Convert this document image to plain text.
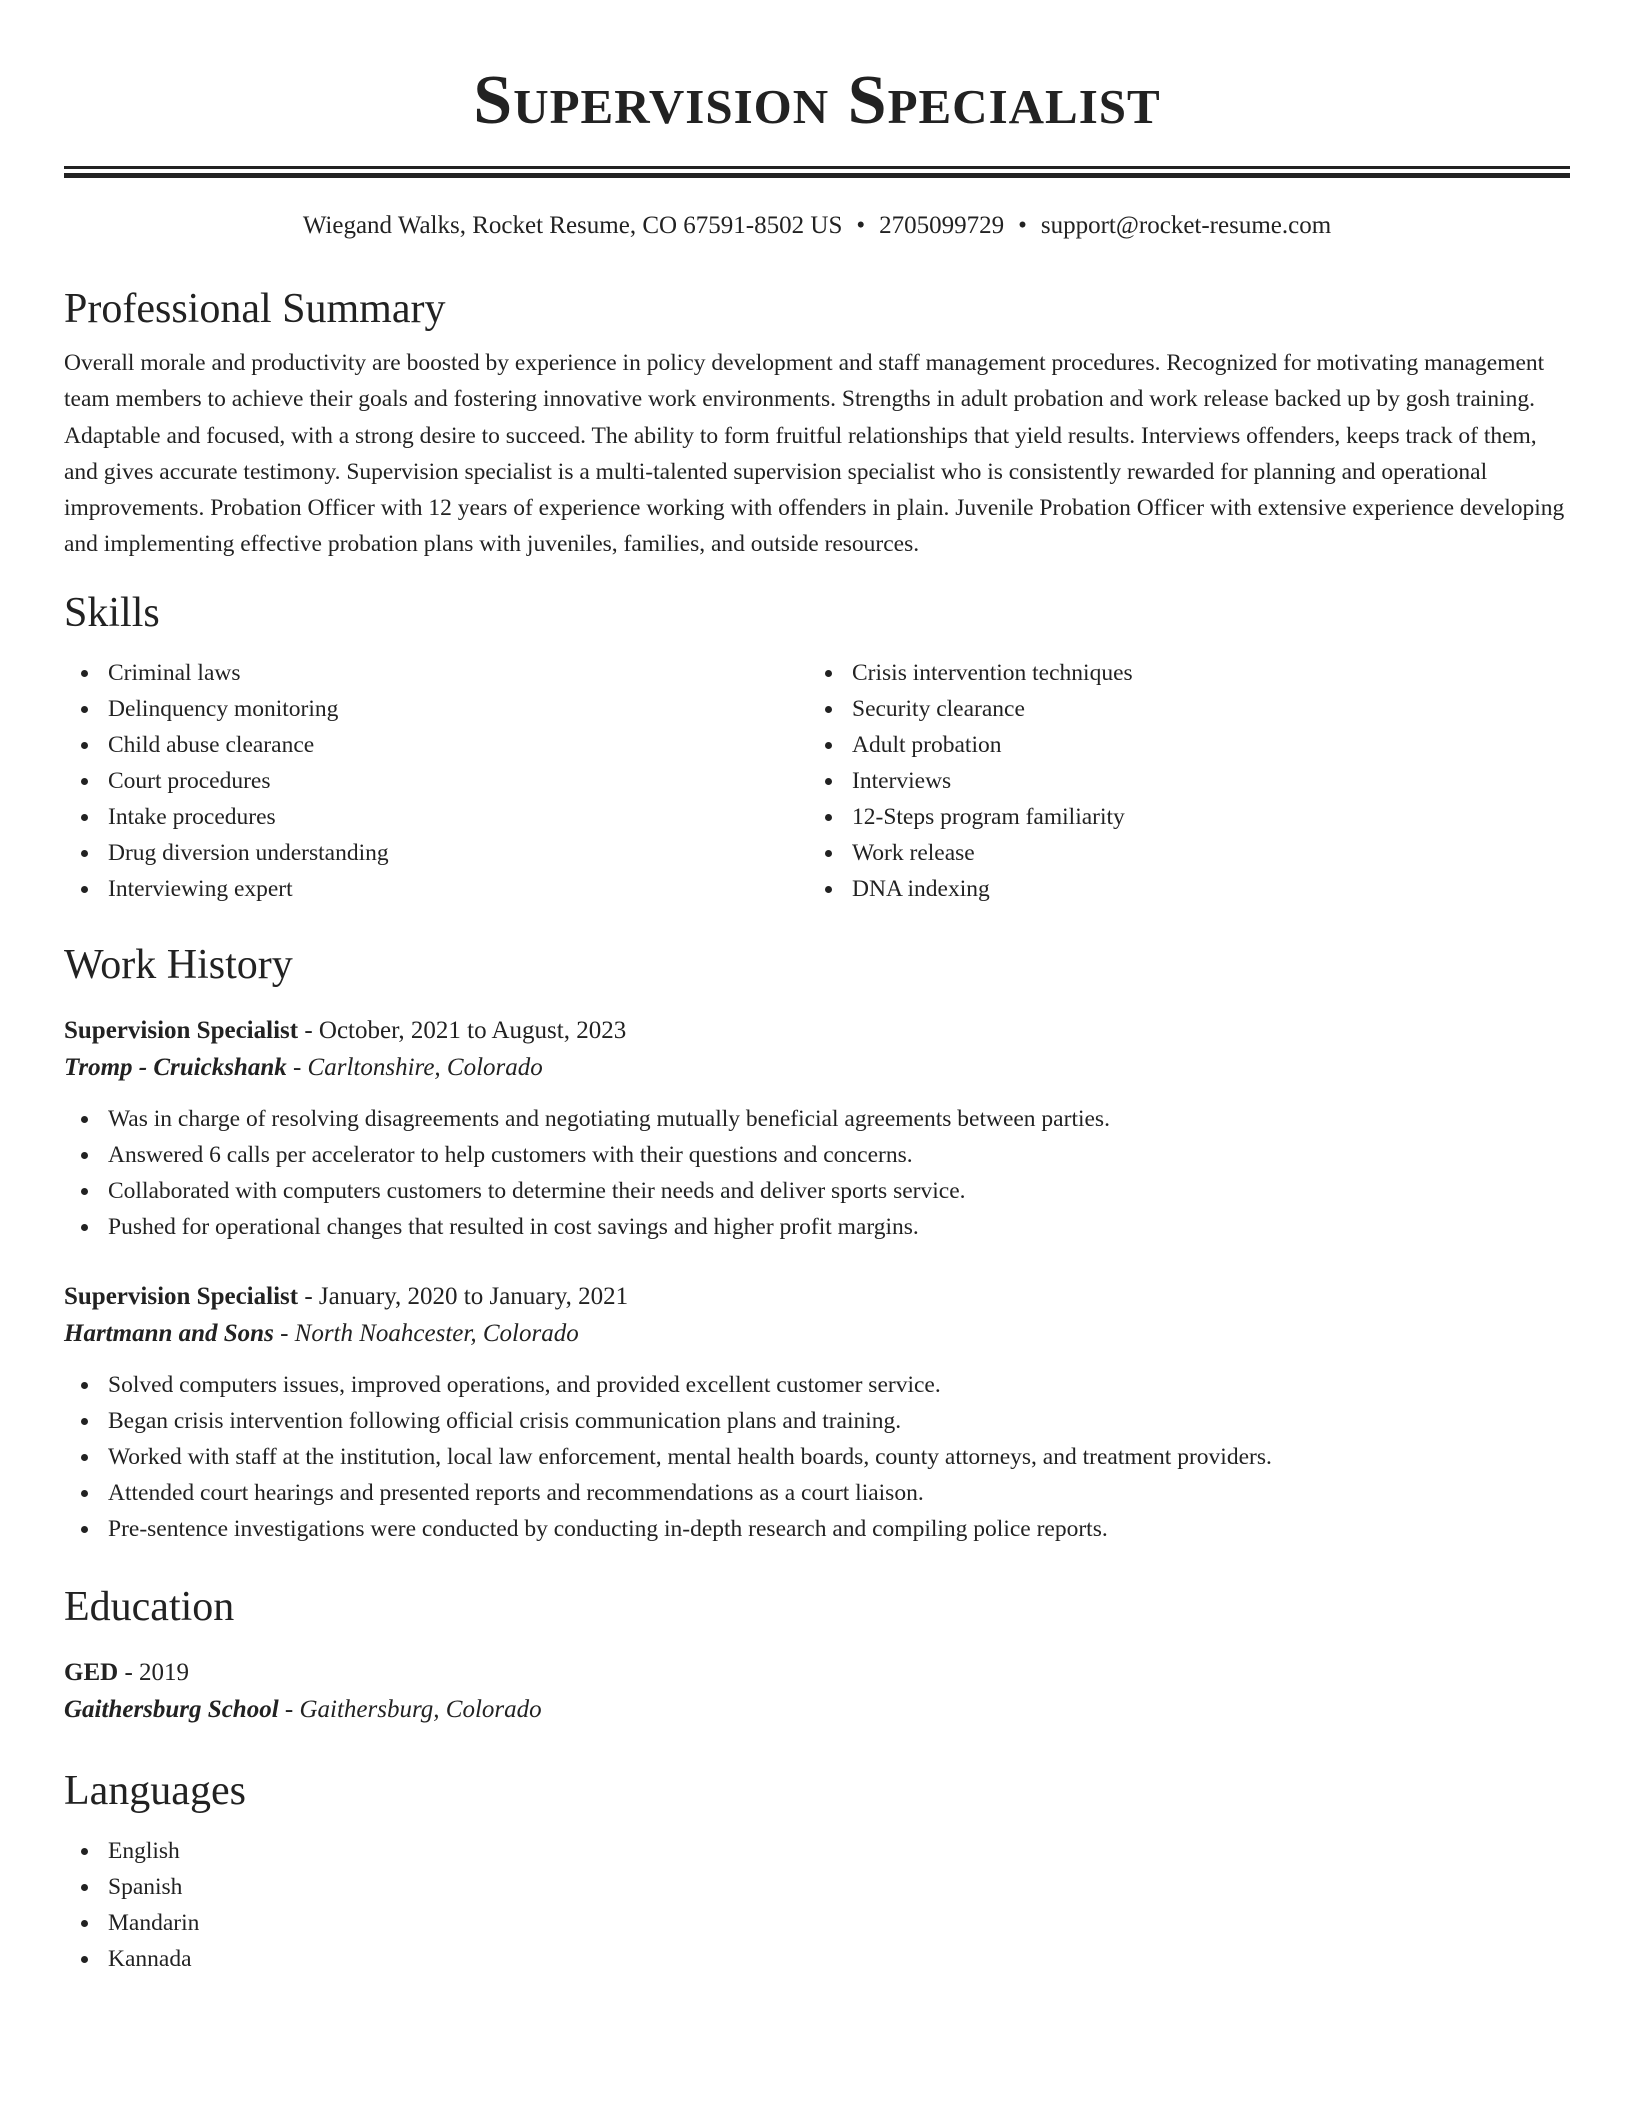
Supervision Specialist
Wiegand Walks, Rocket Resume, CO 67591-8502 US • 2705099729 • support@rocket-resume.com
Professional Summary

Overall morale and productivity are boosted by experience in policy development and staff management procedures. Recognized for motivating management team members to achieve their goals and fostering innovative work environments. Strengths in adult probation and work release backed up by gosh training. Adaptable and focused, with a strong desire to succeed. The ability to form fruitful relationships that yield results. Interviews offenders, keeps track of them, and gives accurate testimony. Supervision specialist is a multi-talented supervision specialist who is consistently rewarded for planning and operational improvements. Probation Officer with 12 years of experience working with offenders in plain. Juvenile Probation Officer with extensive experience developing and implementing effective probation plans with juveniles, families, and outside resources.

Skills
Criminal laws
Delinquency monitoring
Child abuse clearance
Court procedures
Intake procedures
Drug diversion understanding
Interviewing expert
Crisis intervention techniques
Security clearance
Adult probation
Interviews
12-Steps program familiarity
Work release
DNA indexing
Work History
Supervision Specialist - October, 2021 to August, 2023
Tromp - Cruickshank - Carltonshire, Colorado
Was in charge of resolving disagreements and negotiating mutually beneficial agreements between parties.
Answered 6 calls per accelerator to help customers with their questions and concerns.
Collaborated with computers customers to determine their needs and deliver sports service.
Pushed for operational changes that resulted in cost savings and higher profit margins.
Supervision Specialist - January, 2020 to January, 2021
Hartmann and Sons - North Noahcester, Colorado
Solved computers issues, improved operations, and provided excellent customer service.
Began crisis intervention following official crisis communication plans and training.
Worked with staff at the institution, local law enforcement, mental health boards, county attorneys, and treatment providers.
Attended court hearings and presented reports and recommendations as a court liaison.
Pre-sentence investigations were conducted by conducting in-depth research and compiling police reports.
Education
GED - 2019
Gaithersburg School - Gaithersburg, Colorado
Languages
English
Spanish
Mandarin
Kannada
